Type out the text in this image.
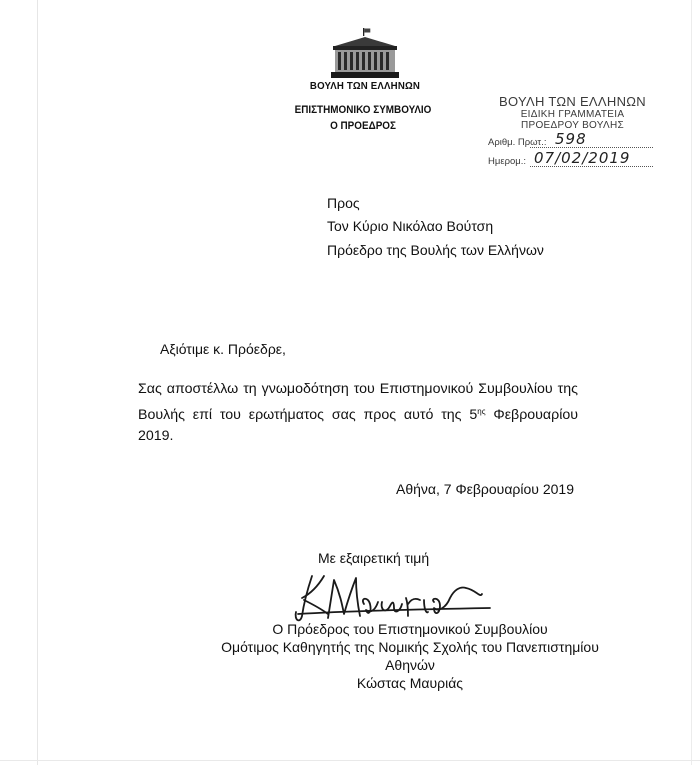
ΒΟΥΛΗ ΤΩΝ ΕΛΛΗΝΩΝ
ΕΠΙΣΤΗΜΟΝΙΚΟ ΣΥΜΒΟΥΛΙΟ
Ο ΠΡΟΕΔΡΟΣ
ΒΟΥΛΗ ΤΩΝ ΕΛΛΗΝΩΝ
ΕΙΔΙΚΗ ΓΡΑΜΜΑΤΕΙΑ
ΠΡΟΕΔΡΟΥ ΒΟΥΛΗΣ
Αριθμ. Πρωτ.: 598
Ημερομ.: 07/02/2019
Προς
Τον Κύριο Νικόλαο Βούτση
Πρόεδρο της Βουλής των Ελλήνων
Αξιότιμε κ. Πρόεδρε,

Σας αποστέλλω τη γνωμοδότηση του Επιστημονικού Συμβουλίου της Βουλής επί του ερωτήματος σας προς αυτό της $5^{\eta\varsigma}$ Φεβρουαρίου 2019.

Αθήνα, 7 Φεβρουαρίου 2019
Με εξαιρετική τιμή
Ο Πρόεδρος του Επιστημονικού Συμβουλίου
Ομότιμος Καθηγητής της Νομικής Σχολής του Πανεπιστημίου Αθηνών
Κώστας Μαυριάς
